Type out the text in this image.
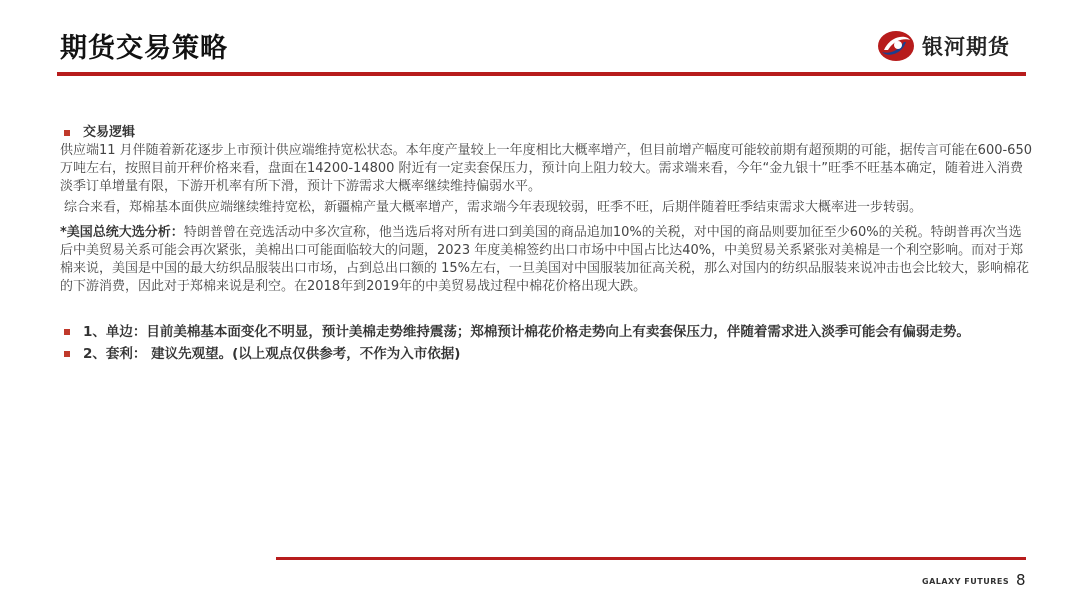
期货交易策略	银河期货
交易逻辑

供应端11 月伴随着新花逐步上市预计供应端维持宽松状态。本年度产量较上一年度相比大概率增产，但目前增产幅度可能较前期有超预期的可能，据传言可能在600-650万吨左右，按照目前开秤价格来看，盘面在14200-14800 附近有一定卖套保压力，预计向上阻力较大。需求端来看，今年“金九银十”旺季不旺基本确定，随着进入消费淡季订单增量有限，下游开机率有所下滑，预计下游需求大概率继续维持偏弱水平。

综合来看，郑棉基本面供应端继续维持宽松，新疆棉产量大概率增产，需求端今年表现较弱，旺季不旺，后期伴随着旺季结束需求大概率进一步转弱。

*美国总统大选分析：特朗普曾在竞选活动中多次宣称，他当选后将对所有进口到美国的商品追加10%的关税，对中国的商品则要加征至少60%的关税。特朗普再次当选后中美贸易关系可能会再次紧张，美棉出口可能面临较大的问题，2023 年度美棉签约出口市场中中国占比达40%，中美贸易关系紧张对美棉是一个利空影响。而对于郑棉来说，美国是中国的最大纺织品服装出口市场，占到总出口额的 15%左右，一旦美国对中国服装加征高关税，那么对国内的纺织品服装来说冲击也会比较大，影响棉花的下游消费，因此对于郑棉来说是利空。在2018年到2019年的中美贸易战过程中棉花价格出现大跌。

1、单边：目前美棉基本面变化不明显，预计美棉走势维持震荡；郑棉预计棉花价格走势向上有卖套保压力，伴随着需求进入淡季可能会有偏弱走势。
2、套利： 建议先观望。(以上观点仅供参考，不作为入市依据)
GALAXY FUTURES 8
